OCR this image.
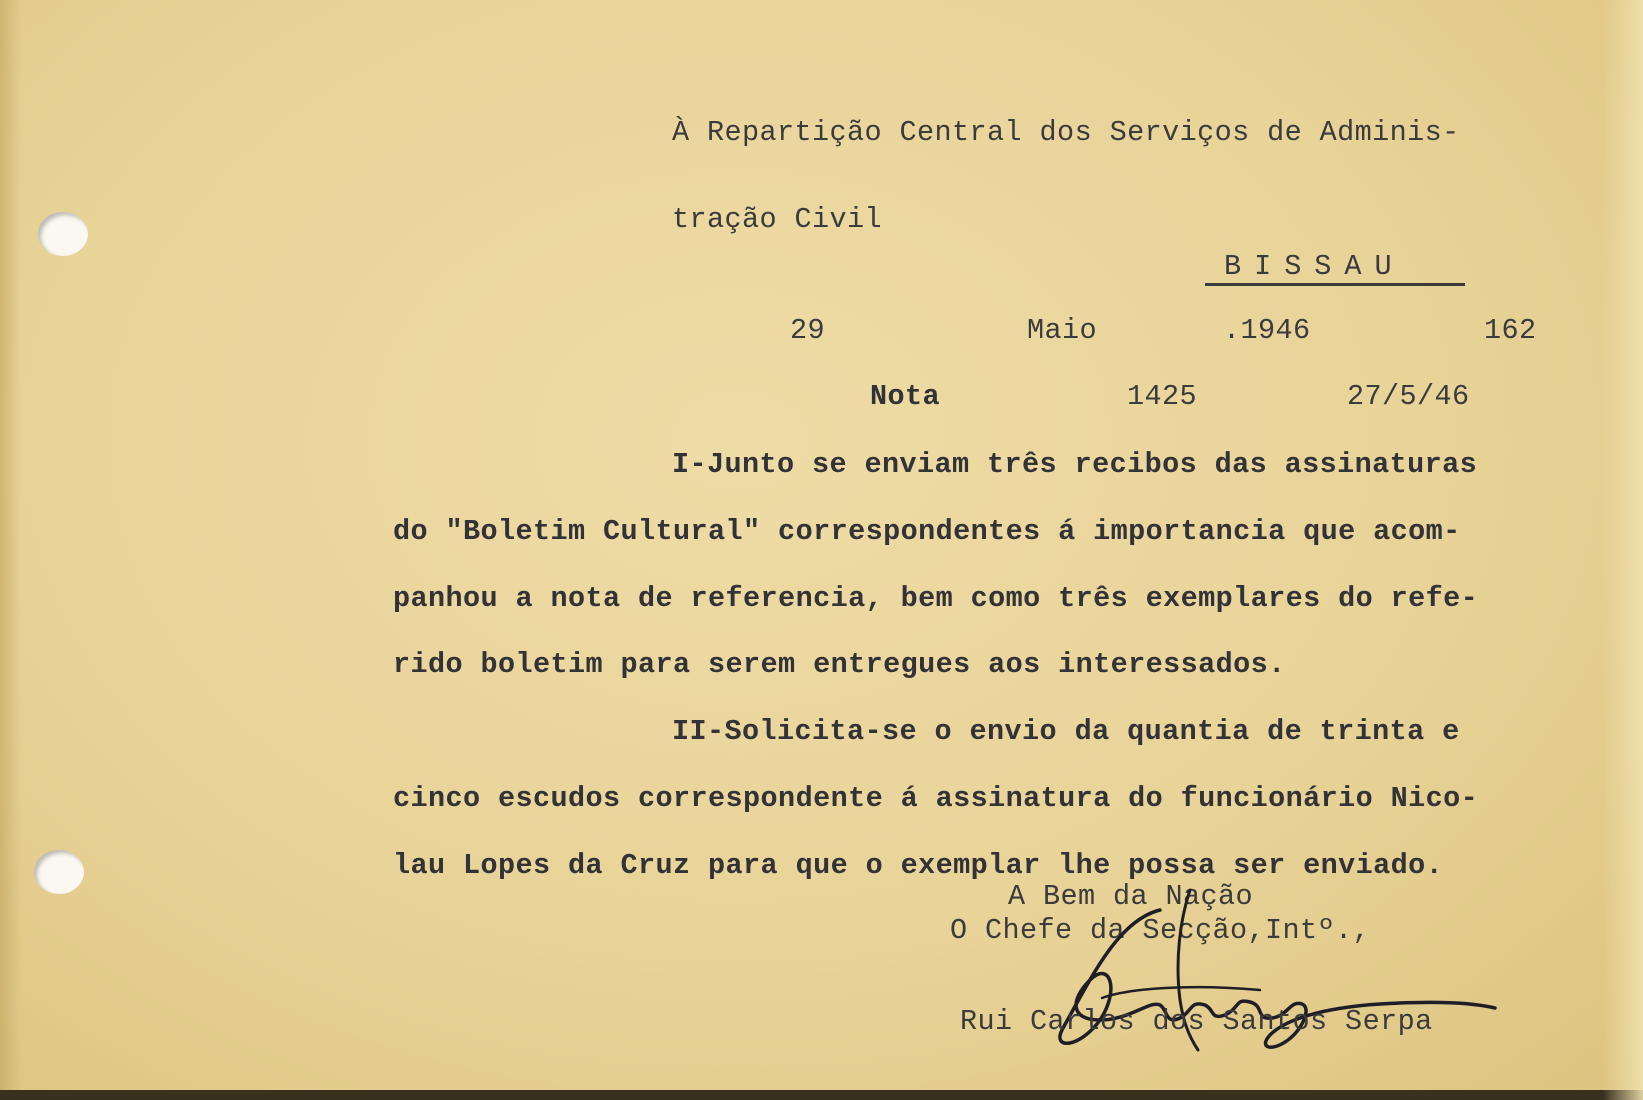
À Repartição Central dos Serviços de Adminis-

tração Civil

BISSAU

29	Maio	.1946	162

Nota	1425	27/5/46

I-Junto se enviam três recibos das assinaturas

do "Boletim Cultural" correspondentes á importancia que acom-

panhou a nota de referencia, bem como três exemplares do refe-

rido boletim para serem entregues aos interessados.

II-Solicita-se o envio da quantia de trinta e

cinco escudos correspondente á assinatura do funcionário Nico-

lau Lopes da Cruz para que o exemplar lhe possa ser enviado.

A Bem da Nação

O Chefe da Secção,Intº.,

Rui Carlos dos Santos Serpa
